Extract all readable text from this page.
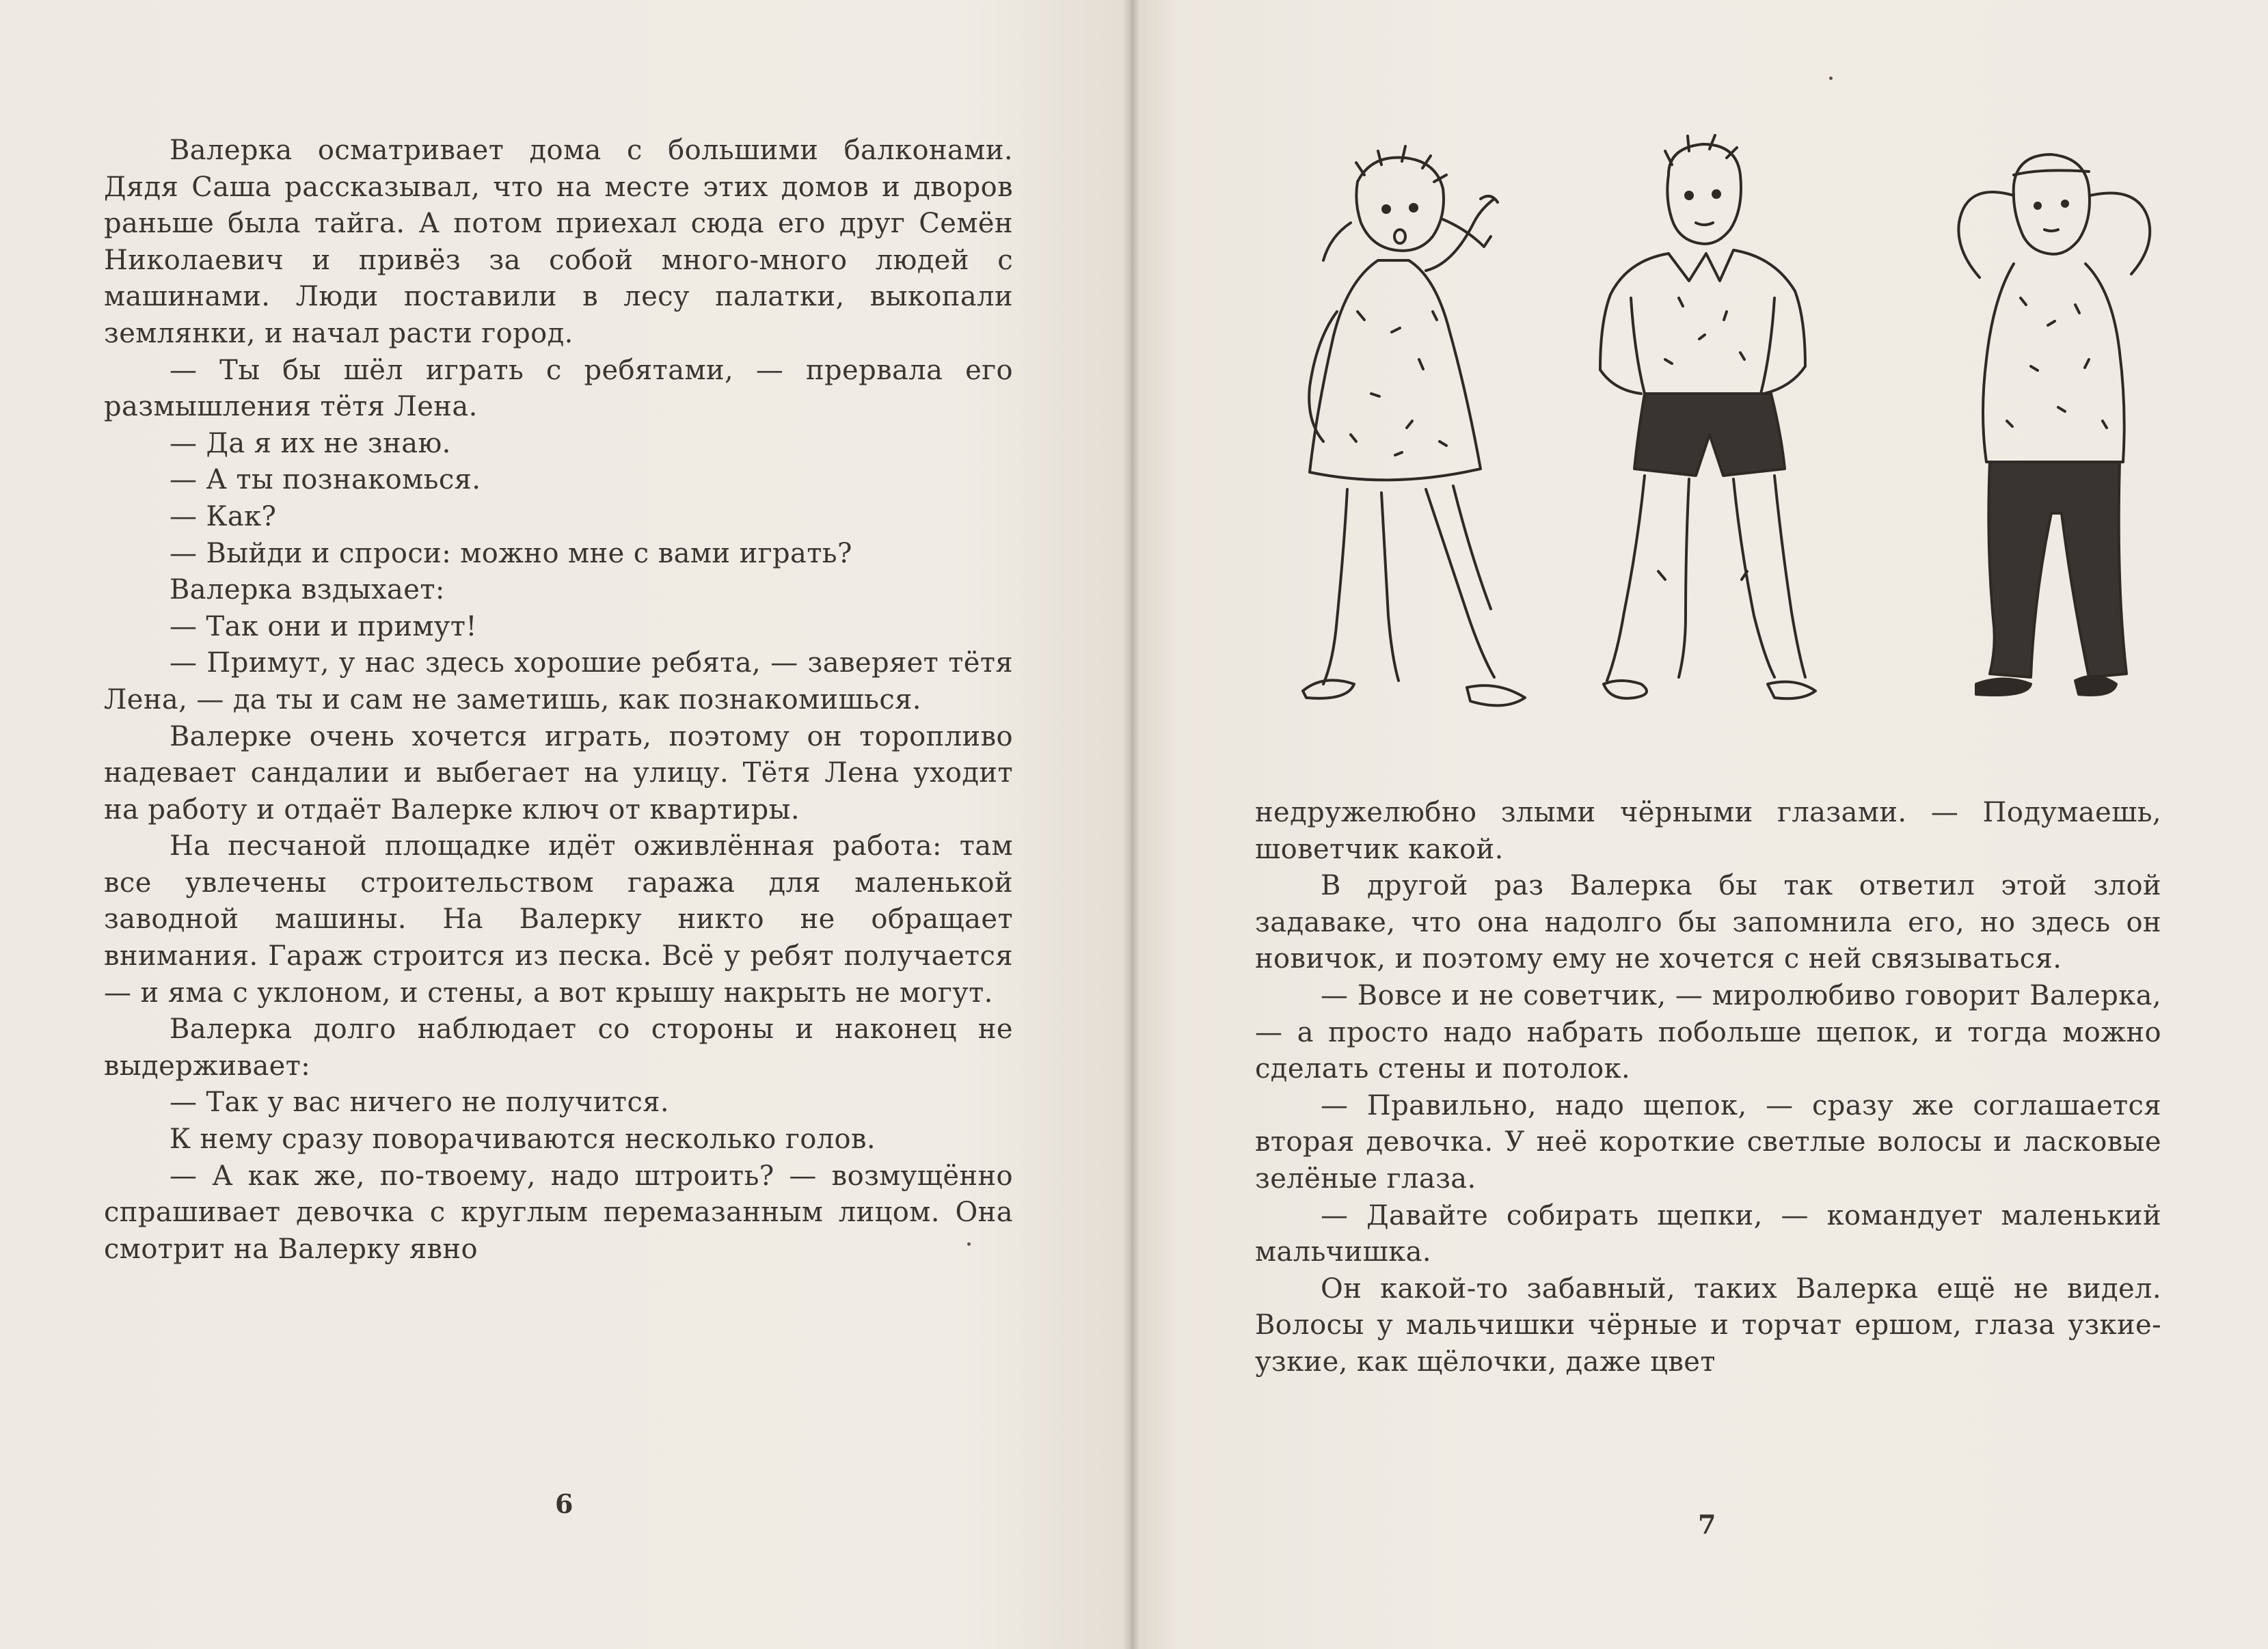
Валерка осматривает дома с большими балконами. Дядя Саша рассказывал, что на месте этих домов и дворов раньше была тайга. А потом приехал сюда его друг Семён Николаевич и привёз за собой много-много людей с машинами. Люди поставили в лесу палатки, выкопали землянки, и начал расти город.

— Ты бы шёл играть с ребятами, — прервала его размышления тётя Лена.

— Да я их не знаю.

— А ты познакомься.

— Как?

— Выйди и спроси: можно мне с вами играть?

Валерка вздыхает:

— Так они и примут!

— Примут, у нас здесь хорошие ребята, — заверяет тётя Лена, — да ты и сам не заметишь, как познакомишься.

Валерке очень хочется играть, поэтому он торопливо надевает сандалии и выбегает на улицу. Тётя Лена уходит на работу и отдаёт Валерке ключ от квартиры.

На песчаной площадке идёт оживлённая работа: там все увлечены строительством гаража для маленькой заводной машины. На Валерку никто не обращает внимания. Гараж строится из песка. Всё у ребят получается — и яма с уклоном, и стены, а вот крышу накрыть не могут.

Валерка долго наблюдает со стороны и наконец не выдерживает:

— Так у вас ничего не получится.

К нему сразу поворачиваются несколько голов.

— А как же, по-твоему, надо штроить? — возмущённо спрашивает девочка с круглым перемазанным лицом. Она смотрит на Валерку явно

6

недружелюбно злыми чёрными глазами. — Подумаешь, шоветчик какой.

В другой раз Валерка бы так ответил этой злой задаваке, что она надолго бы запомнила его, но здесь он новичок, и поэтому ему не хочется с ней связываться.

— Вовсе и не советчик, — миролюбиво говорит Валерка, — а просто надо набрать побольше щепок, и тогда можно сделать стены и потолок.

— Правильно, надо щепок, — сразу же соглашается вторая девочка. У неё короткие светлые волосы и ласковые зелёные глаза.

— Давайте собирать щепки, — командует маленький мальчишка.

Он какой-то забавный, таких Валерка ещё не видел. Волосы у мальчишки чёрные и торчат ершом, глаза узкие-узкие, как щёлочки, даже цвет

7
